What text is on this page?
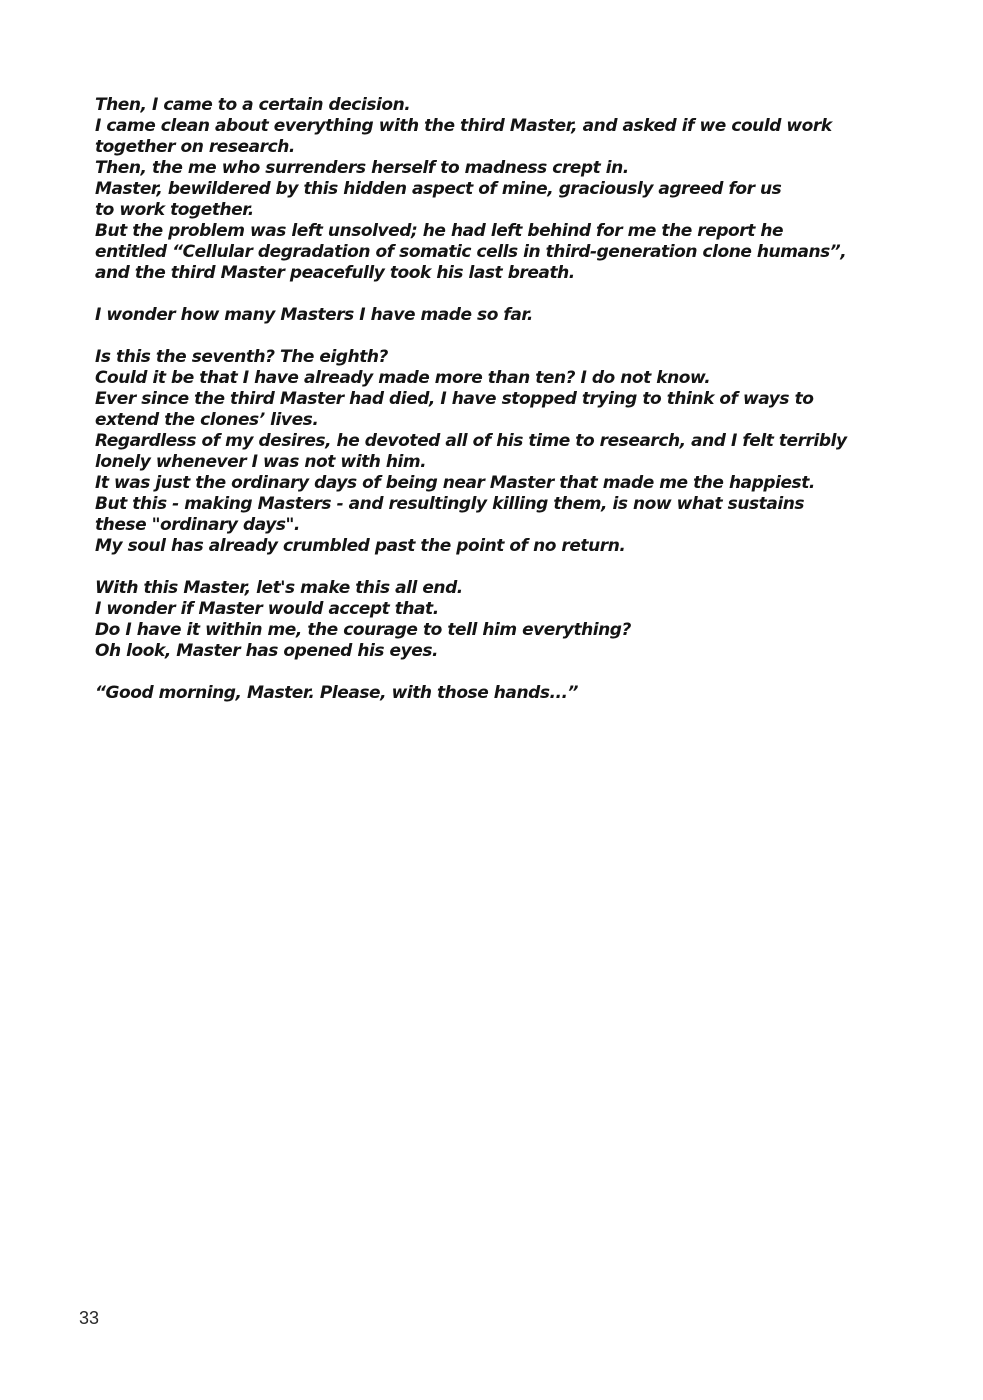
Then, I came to a certain decision.
I came clean about everything with the third Master, and asked if we could work
together on research.
Then, the me who surrenders herself to madness crept in.
Master, bewildered by this hidden aspect of mine, graciously agreed for us
to work together.
But the problem was left unsolved; he had left behind for me the report he
entitled “Cellular degradation of somatic cells in third-generation clone humans”,
and the third Master peacefully took his last breath.
I wonder how many Masters I have made so far.
Is this the seventh? The eighth?
Could it be that I have already made more than ten? I do not know.
Ever since the third Master had died, I have stopped trying to think of ways to
extend the clones’ lives.
Regardless of my desires, he devoted all of his time to research, and I felt terribly
lonely whenever I was not with him.
It was just the ordinary days of being near Master that made me the happiest.
But this - making Masters - and resultingly killing them, is now what sustains
these "ordinary days".
My soul has already crumbled past the point of no return.
With this Master, let's make this all end.
I wonder if Master would accept that.
Do I have it within me, the courage to tell him everything?
Oh look, Master has opened his eyes.
“Good morning, Master. Please, with those hands...”
33
